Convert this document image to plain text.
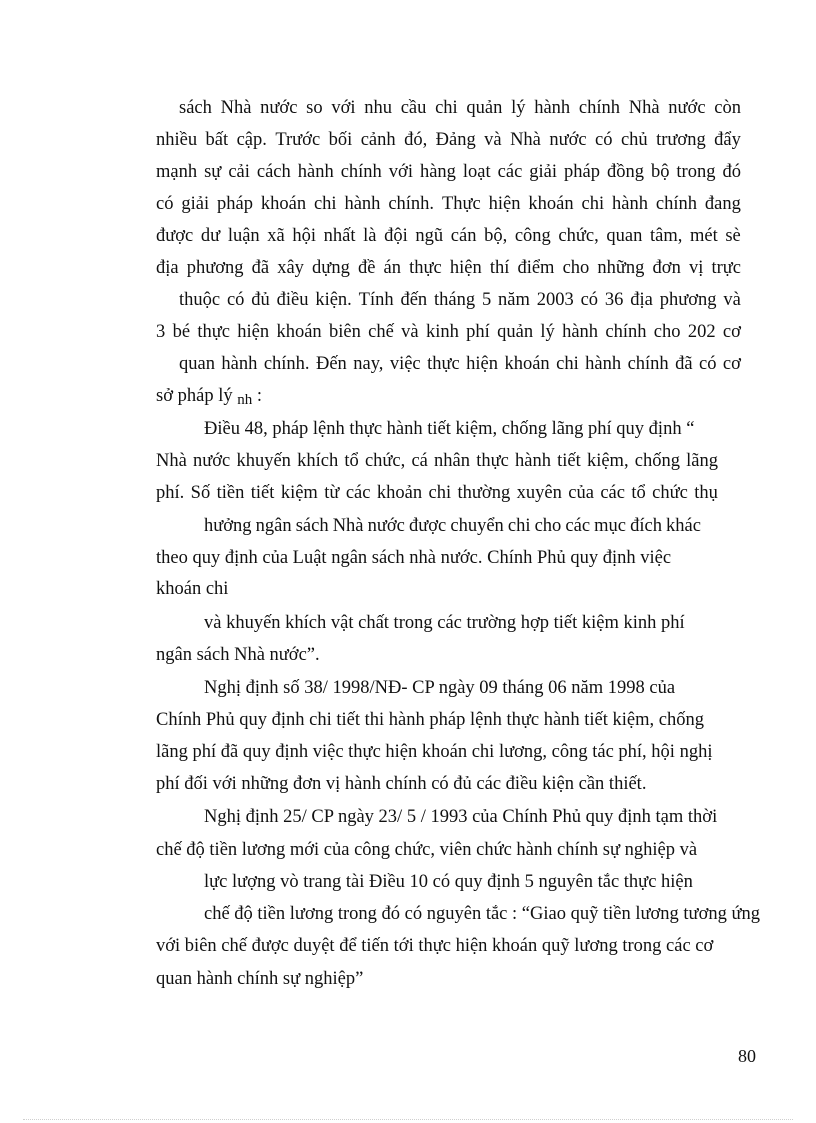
sách Nhà nước so với nhu cầu chi quản lý hành chính Nhà nước còn
nhiều bất cập. Trước bối cảnh đó, Đảng và Nhà nước có chủ trương đẩy
mạnh sự cải cách hành chính với hàng loạt các giải pháp đồng bộ trong đó
có giải pháp khoán chi hành chính. Thực hiện khoán chi hành chính đang
được dư luận xã hội nhất là đội ngũ cán bộ, công chức, quan tâm, mét sè
địa phương đã xây dựng đề án thực hiện thí điểm cho những đơn vị trực
thuộc có đủ điều kiện. Tính đến tháng 5 năm 2003 có 36 địa phương và
3 bé thực hiện khoán biên chế và kinh phí quản lý hành chính cho 202 cơ
quan hành chính. Đến nay, việc thực hiện khoán chi hành chính đã có cơ
sở pháp lý nh :
Điều 48, pháp lệnh thực hành tiết kiệm, chống lãng phí quy định “
Nhà nước khuyến khích tổ chức, cá nhân thực hành tiết kiệm, chống lãng
phí. Số tiền tiết kiệm từ các khoản chi thường xuyên của các tổ chức thụ
hưởng ngân sách Nhà nước được chuyển chi cho các mục đích khác
theo quy định của Luật ngân sách nhà nước. Chính Phủ quy định việc
khoán chi
và khuyến khích vật chất trong các trường hợp tiết kiệm kinh phí
ngân sách Nhà nước”.
Nghị định số 38/ 1998/NĐ- CP ngày 09 tháng 06 năm 1998 của
Chính Phủ quy định chi tiết thi hành pháp lệnh thực hành tiết kiệm, chống
lãng phí đã quy định việc thực hiện khoán chi lương, công tác phí, hội nghị
phí đối với những đơn vị hành chính có đủ các điều kiện cần thiết.
Nghị định 25/ CP ngày 23/ 5 / 1993 của Chính Phủ quy định tạm thời
chế độ tiền lương mới của công chức, viên chức hành chính sự nghiệp và
lực lượng vò trang tài Điều 10 có quy định 5 nguyên tắc thực hiện
chế độ tiền lương trong đó có nguyên tắc : “Giao quỹ tiền lương tương ứng
với biên chế được duyệt để tiến tới thực hiện khoán quỹ lương trong các cơ
quan hành chính sự nghiệp”
80
